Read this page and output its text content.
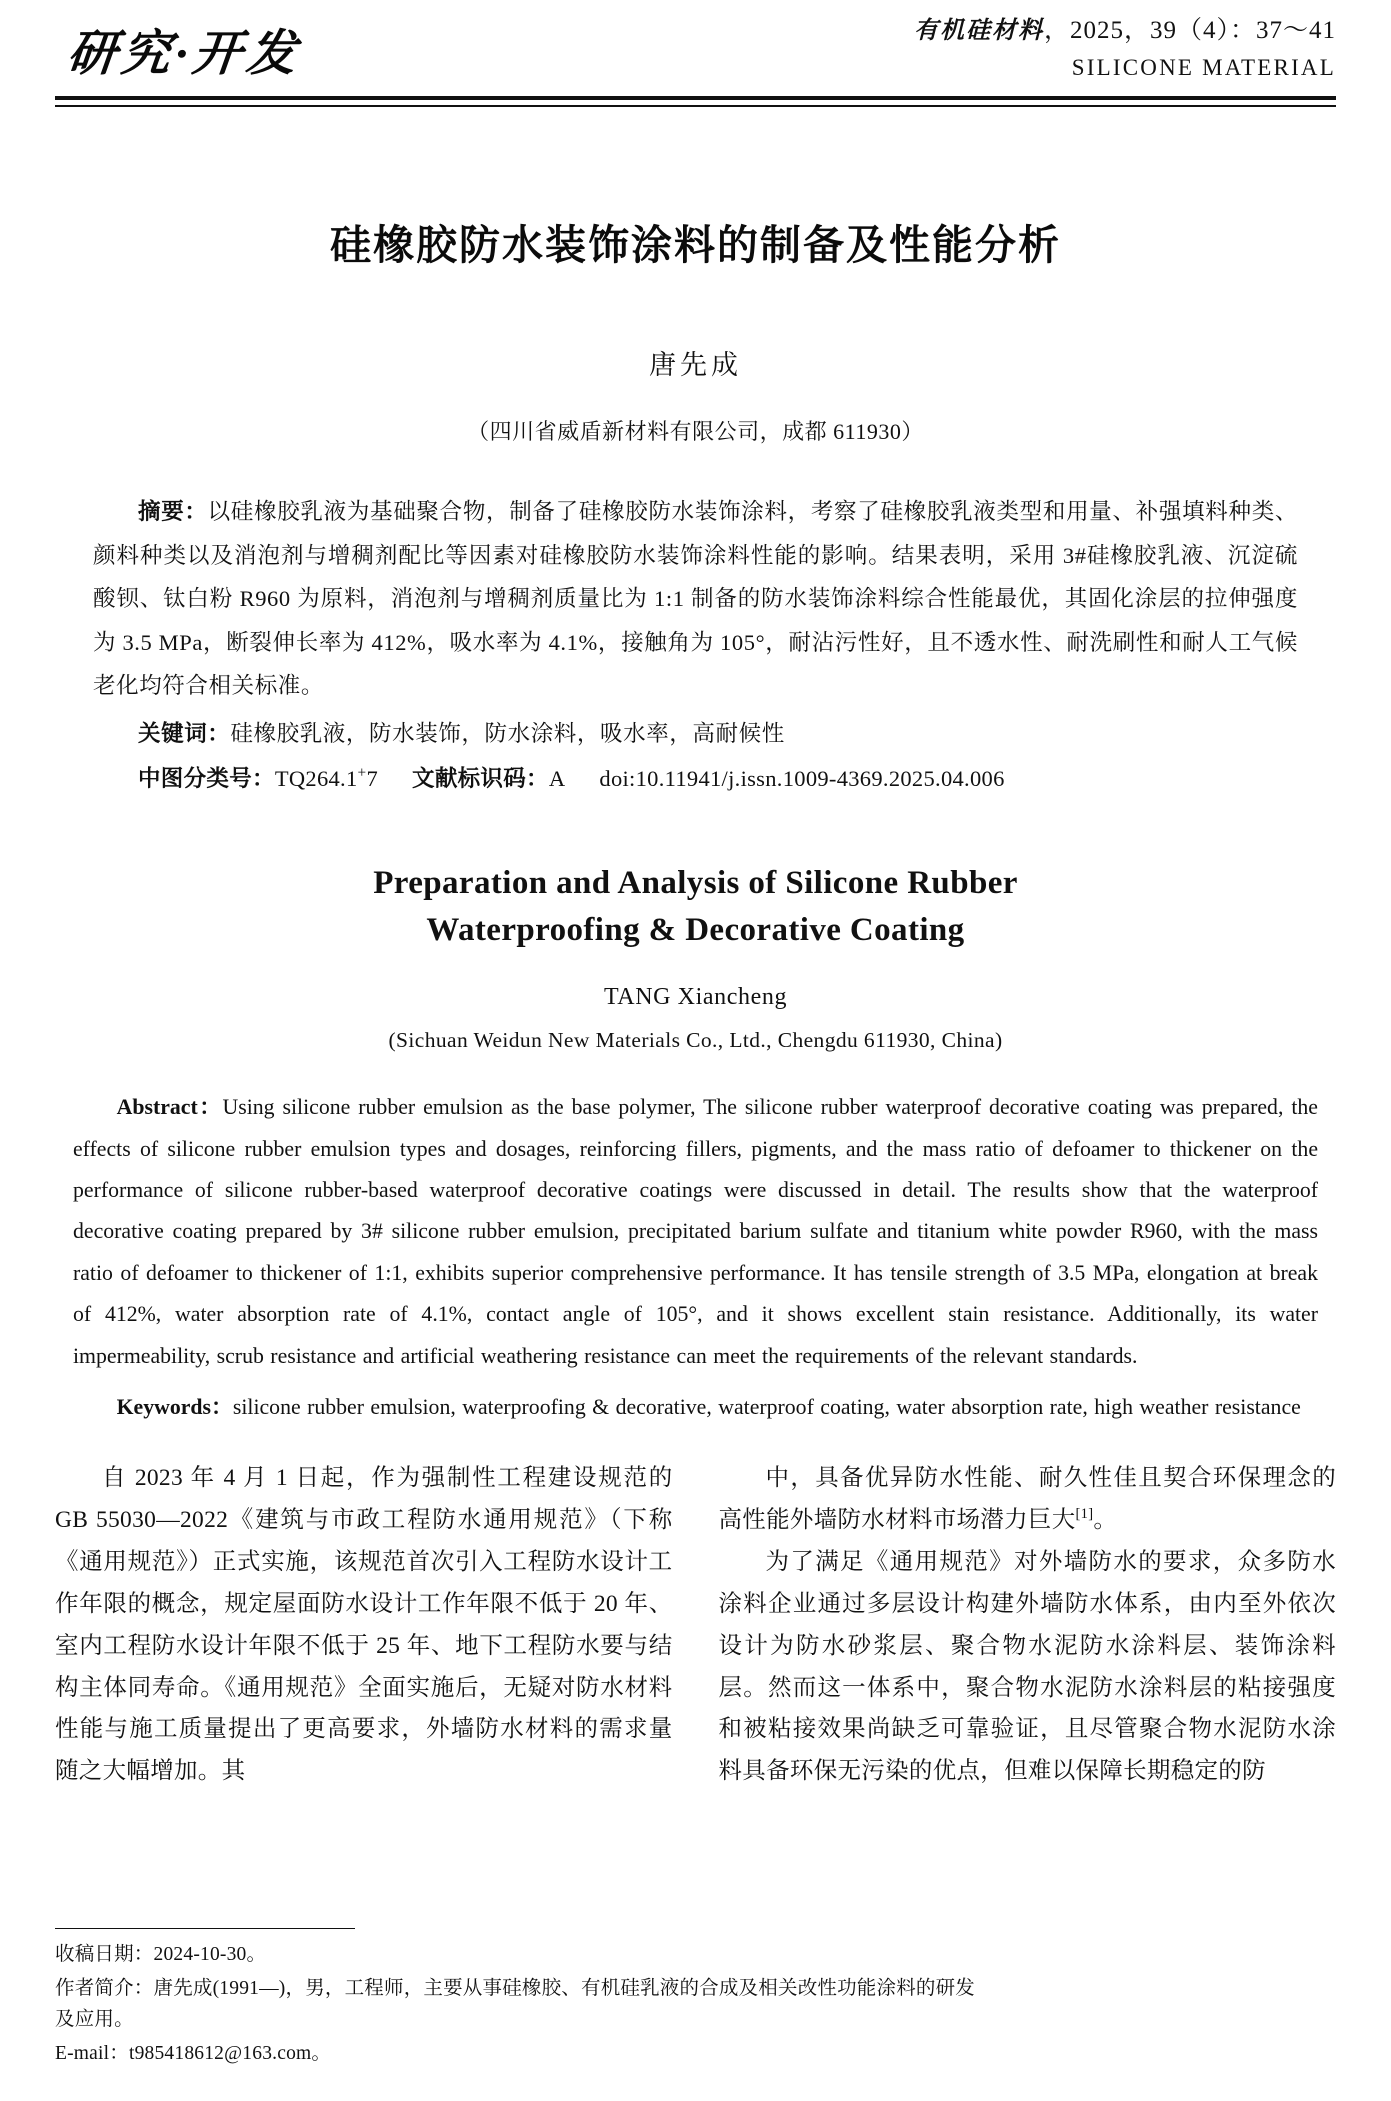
研究·开发	有机硅材料，2025，39（4）：37～41
SILICONE MATERIAL
硅橡胶防水装饰涂料的制备及性能分析
唐先成
（四川省威盾新材料有限公司，成都 611930）

摘要：以硅橡胶乳液为基础聚合物，制备了硅橡胶防水装饰涂料，考察了硅橡胶乳液类型和用量、补强填料种类、颜料种类以及消泡剂与增稠剂配比等因素对硅橡胶防水装饰涂料性能的影响。结果表明，采用 3#硅橡胶乳液、沉淀硫酸钡、钛白粉 R960 为原料，消泡剂与增稠剂质量比为 1:1 制备的防水装饰涂料综合性能最优，其固化涂层的拉伸强度为 3.5 MPa，断裂伸长率为 412%，吸水率为 4.1%，接触角为 105°，耐沾污性好，且不透水性、耐洗刷性和耐人工气候老化均符合相关标准。

关键词：硅橡胶乳液，防水装饰，防水涂料，吸水率，高耐候性
中图分类号：TQ264.1+7 文献标识码：A doi:10.11941/j.issn.1009-4369.2025.04.006
Preparation and Analysis of Silicone Rubber
Waterproofing & Decorative Coating
TANG Xiancheng
(Sichuan Weidun New Materials Co., Ltd., Chengdu 611930, China)
Abstract：Using silicone rubber emulsion as the base polymer, The silicone rubber waterproof decorative coating was prepared, the effects of silicone rubber emulsion types and dosages, reinforcing fillers, pigments, and the mass ratio of defoamer to thickener on the performance of silicone rubber-based waterproof decorative coatings were discussed in detail. The results show that the waterproof decorative coating prepared by 3# silicone rubber emulsion, precipitated barium sulfate and titanium white powder R960, with the mass ratio of defoamer to thickener of 1:1, exhibits superior comprehensive performance. It has tensile strength of 3.5 MPa, elongation at break of 412%, water absorption rate of 4.1%, contact angle of 105°, and it shows excellent stain resistance. Additionally, its water impermeability, scrub resistance and artificial weathering resistance can meet the requirements of the relevant standards.
Keywords：silicone rubber emulsion, waterproofing & decorative, waterproof coating, water absorption rate, high weather resistance

自 2023 年 4 月 1 日起，作为强制性工程建设规范的 GB 55030—2022《建筑与市政工程防水通用规范》（下称《通用规范》）正式实施，该规范首次引入工程防水设计工作年限的概念，规定屋面防水设计工作年限不低于 20 年、室内工程防水设计年限不低于 25 年、地下工程防水要与结构主体同寿命。《通用规范》全面实施后，无疑对防水材料性能与施工质量提出了更高要求，外墙防水材料的需求量随之大幅增加。其

中，具备优异防水性能、耐久性佳且契合环保理念的高性能外墙防水材料市场潜力巨大[1]。

为了满足《通用规范》对外墙防水的要求，众多防水涂料企业通过多层设计构建外墙防水体系，由内至外依次设计为防水砂浆层、聚合物水泥防水涂料层、装饰涂料层。然而这一体系中，聚合物水泥防水涂料层的粘接强度和被粘接效果尚缺乏可靠验证，且尽管聚合物水泥防水涂料具备环保无污染的优点，但难以保障长期稳定的防

收稿日期：2024-10-30。

作者简介：唐先成(1991—)，男，工程师，主要从事硅橡胶、有机硅乳液的合成及相关改性功能涂料的研发及应用。

E-mail：t985418612@163.com。
